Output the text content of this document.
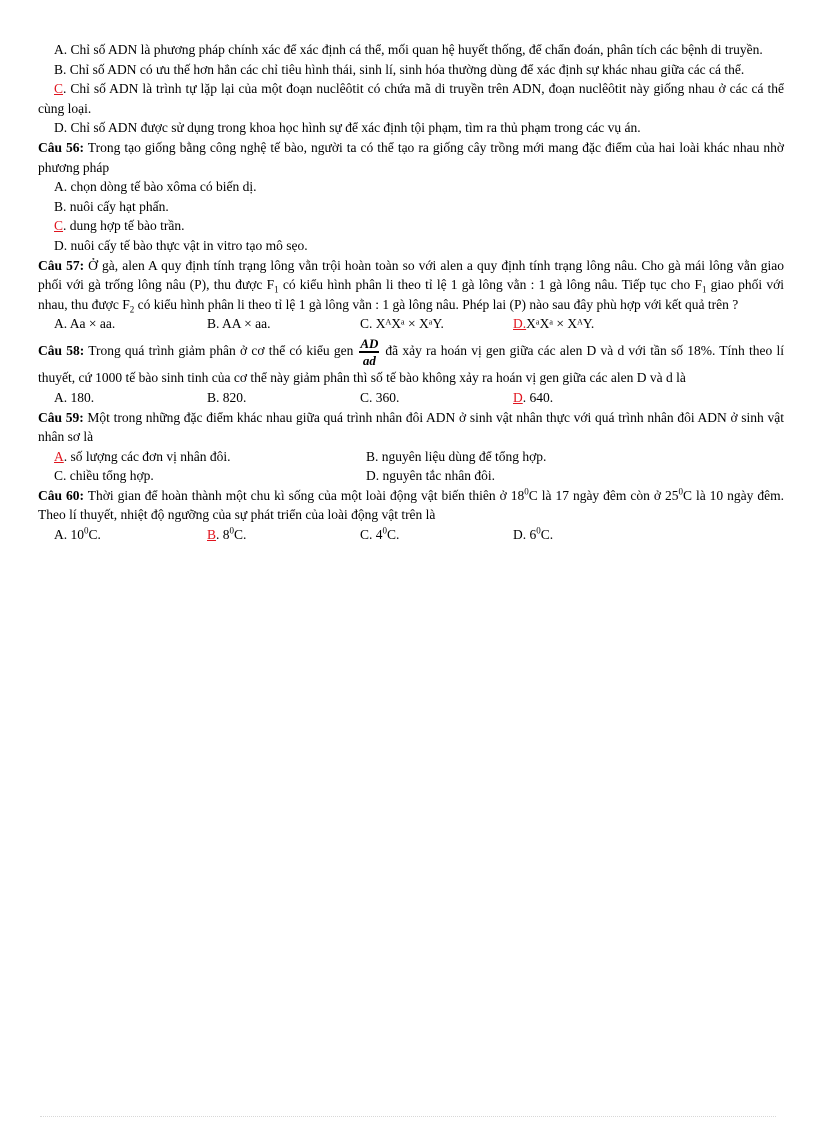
A. Chỉ số ADN là phương pháp chính xác để xác định cá thể, mối quan hệ huyết thống, để chẩn đoán, phân tích các bệnh di truyền.
B. Chỉ số ADN có ưu thế hơn hẳn các chỉ tiêu hình thái, sinh lí, sinh hóa thường dùng để xác định sự khác nhau giữa các cá thể.
C. Chỉ số ADN là trình tự lặp lại của một đoạn nuclêôtit có chứa mã di truyền trên ADN, đoạn nuclêôtit này giống nhau ở các cá thể cùng loại.
D. Chỉ số ADN được sử dụng trong khoa học hình sự để xác định tội phạm, tìm ra thủ phạm trong các vụ án.
Câu 56: Trong tạo giống bằng công nghệ tế bào, người ta có thể tạo ra giống cây trồng mới mang đặc điểm của hai loài khác nhau nhờ phương pháp
A. chọn dòng tế bào xôma có biến dị.
B. nuôi cấy hạt phấn.
C. dung hợp tế bào trần.
D. nuôi cấy tế bào thực vật in vitro tạo mô sẹo.
Câu 57: Ở gà, alen A quy định tính trạng lông vằn trội hoàn toàn so với alen a quy định tính trạng lông nâu. Cho gà mái lông vằn giao phối với gà trống lông nâu (P), thu được $F_1$ có kiểu hình phân li theo tỉ lệ 1 gà lông vằn : 1 gà lông nâu. Tiếp tục cho $F_1$ giao phối với nhau, thu được $F_2$ có kiểu hình phân li theo tỉ lệ 1 gà lông vằn : 1 gà lông nâu. Phép lai (P) nào sau đây phù hợp với kết quả trên ?
A. Aa × aa.	B. AA × aa.	C. XᴬXᵃ × XᵃY.	D.XᵃXᵃ × XᴬY.
Câu 58: Trong quá trình giảm phân ở cơ thể có kiểu gen $\frac{AD}{ad}$ đã xảy ra hoán vị gen giữa các alen D và d với tần số 18%. Tính theo lí thuyết, cứ 1000 tế bào sinh tinh của cơ thể này giảm phân thì số tế bào không xảy ra hoán vị gen giữa các alen D và d là
A. 180.	B. 820.	C. 360.	D. 640.
Câu 59: Một trong những đặc điểm khác nhau giữa quá trình nhân đôi ADN ở sinh vật nhân thực với quá trình nhân đôi ADN ở sinh vật nhân sơ là
A. số lượng các đơn vị nhân đôi.	B. nguyên liệu dùng để tổng hợp.
C. chiều tổng hợp.	D. nguyên tắc nhân đôi.
Câu 60: Thời gian để hoàn thành một chu kì sống của một loài động vật biến thiên ở $18^0C$ là 17 ngày đêm còn ở $25^0C$ là 10 ngày đêm. Theo lí thuyết, nhiệt độ ngưỡng của sự phát triển của loài động vật trên là
A. $10^0C$.	B. $8^0C$.	C. $4^0C$.	D. $6^0C$.
